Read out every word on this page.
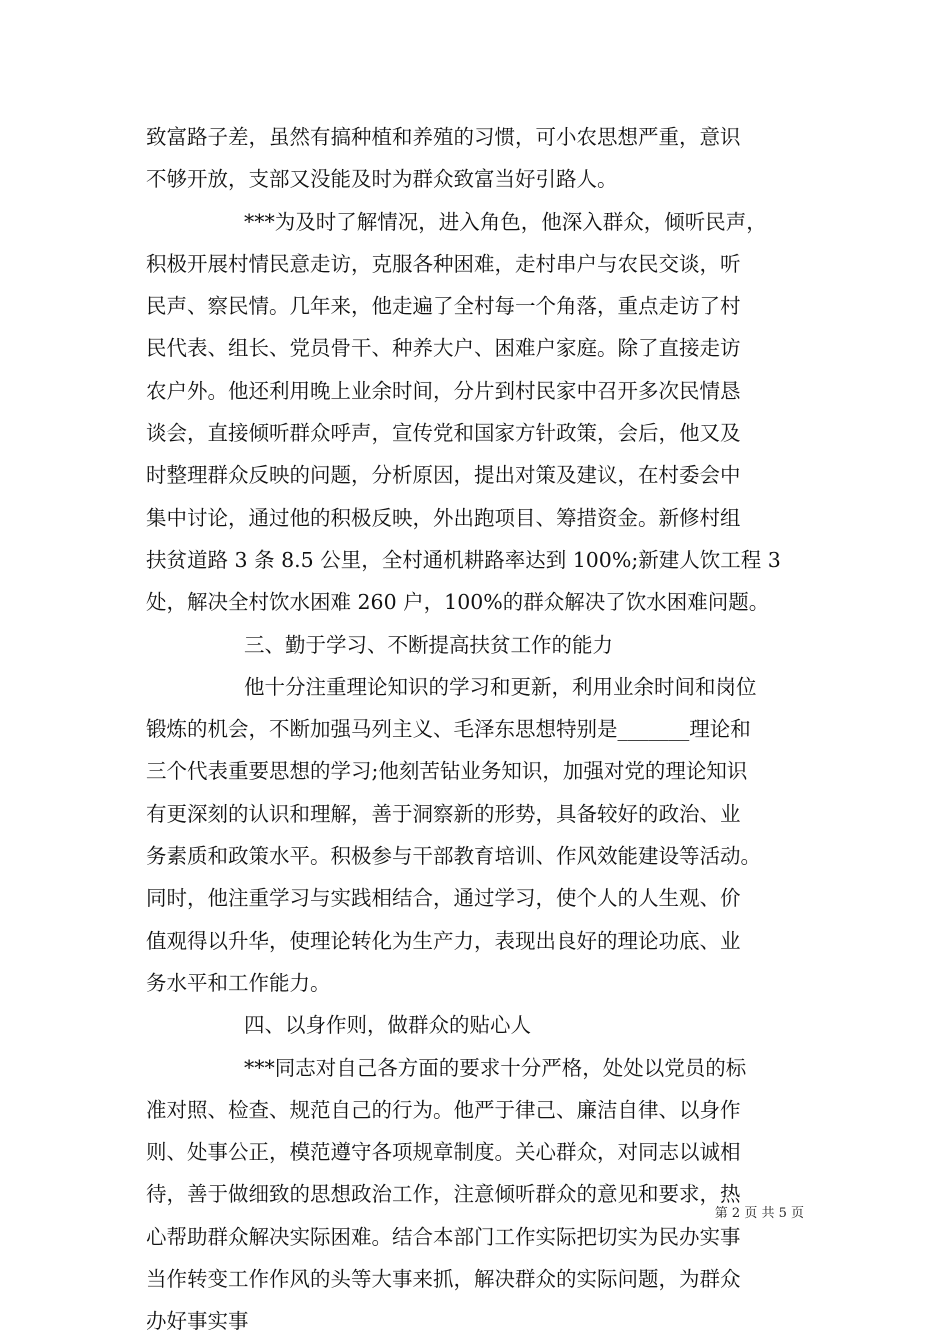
致富路子差，虽然有搞种植和养殖的习惯，可小农思想严重，意识
不够开放，支部又没能及时为群众致富当好引路人。
***为及时了解情况，进入角色，他深入群众，倾听民声，
积极开展村情民意走访，克服各种困难，走村串户与农民交谈，听
民声、察民情。几年来，他走遍了全村每一个角落，重点走访了村
民代表、组长、党员骨干、种养大户、困难户家庭。除了直接走访
农户外。他还利用晚上业余时间，分片到村民家中召开多次民情恳
谈会，直接倾听群众呼声，宣传党和国家方针政策，会后，他又及
时整理群众反映的问题，分析原因，提出对策及建议，在村委会中
集中讨论，通过他的积极反映，外出跑项目、筹措资金。新修村组
扶贫道路 3 条 8.5 公里，全村通机耕路率达到 100%;新建人饮工程 3
处，解决全村饮水困难 260 户，100%的群众解决了饮水困难问题。
三、勤于学习、不断提高扶贫工作的能力
他十分注重理论知识的学习和更新，利用业余时间和岗位
锻炼的机会，不断加强马列主义、毛泽东思想特别是_______理论和
三个代表重要思想的学习;他刻苦钻业务知识，加强对党的理论知识
有更深刻的认识和理解，善于洞察新的形势，具备较好的政治、业
务素质和政策水平。积极参与干部教育培训、作风效能建设等活动。
同时，他注重学习与实践相结合，通过学习，使个人的人生观、价
值观得以升华，使理论转化为生产力，表现出良好的理论功底、业
务水平和工作能力。
四、以身作则，做群众的贴心人
***同志对自己各方面的要求十分严格，处处以党员的标
准对照、检查、规范自己的行为。他严于律己、廉洁自律、以身作
则、处事公正，模范遵守各项规章制度。关心群众，对同志以诚相
待，善于做细致的思想政治工作，注意倾听群众的意见和要求，热
心帮助群众解决实际困难。结合本部门工作实际把切实为民办实事
当作转变工作作风的头等大事来抓，解决群众的实际问题，为群众
办好事实事
第 2 页 共 5 页
